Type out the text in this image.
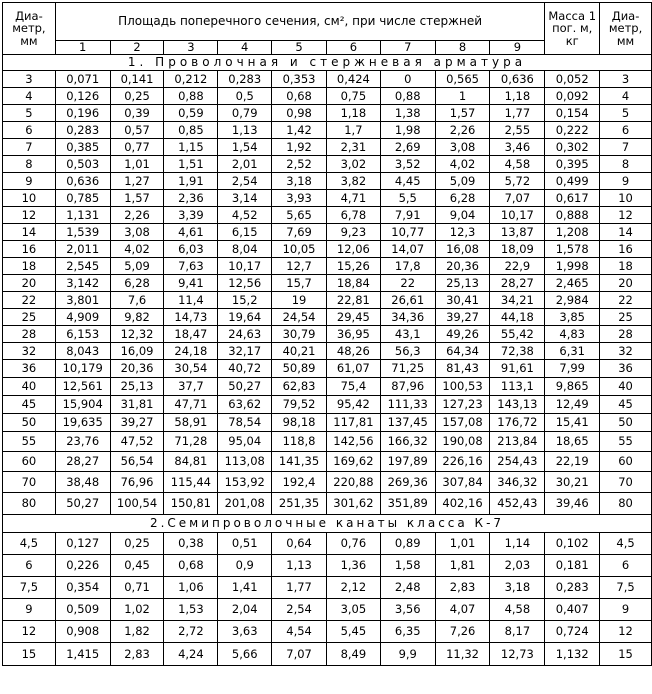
Диа-метр, мм	Площадь поперечного сечения, см², при числе стержней									Масса 1 пог. м, кг	Диа-метр, мм
	1	2	3	4	5	6	7	8	9		
1. Проволочная и стержневая арматура											
3	0,071	0,141	0,212	0,283	0,353	0,424	0	0,565	0,636	0,052	3
4	0,126	0,25	0,88	0,5	0,68	0,75	0,88	1	1,18	0,092	4
5	0,196	0,39	0,59	0,79	0,98	1,18	1,38	1,57	1,77	0,154	5
6	0,283	0,57	0,85	1,13	1,42	1,7	1,98	2,26	2,55	0,222	6
7	0,385	0,77	1,15	1,54	1,92	2,31	2,69	3,08	3,46	0,302	7
8	0,503	1,01	1,51	2,01	2,52	3,02	3,52	4,02	4,58	0,395	8
9	0,636	1,27	1,91	2,54	3,18	3,82	4,45	5,09	5,72	0,499	9
10	0,785	1,57	2,36	3,14	3,93	4,71	5,5	6,28	7,07	0,617	10
12	1,131	2,26	3,39	4,52	5,65	6,78	7,91	9,04	10,17	0,888	12
14	1,539	3,08	4,61	6,15	7,69	9,23	10,77	12,3	13,87	1,208	14
16	2,011	4,02	6,03	8,04	10,05	12,06	14,07	16,08	18,09	1,578	16
18	2,545	5,09	7,63	10,17	12,7	15,26	17,8	20,36	22,9	1,998	18
20	3,142	6,28	9,41	12,56	15,7	18,84	22	25,13	28,27	2,465	20
22	3,801	7,6	11,4	15,2	19	22,81	26,61	30,41	34,21	2,984	22
25	4,909	9,82	14,73	19,64	24,54	29,45	34,36	39,27	44,18	3,85	25
28	6,153	12,32	18,47	24,63	30,79	36,95	43,1	49,26	55,42	4,83	28
32	8,043	16,09	24,18	32,17	40,21	48,26	56,3	64,34	72,38	6,31	32
36	10,179	20,36	30,54	40,72	50,89	61,07	71,25	81,43	91,61	7,99	36
40	12,561	25,13	37,7	50,27	62,83	75,4	87,96	100,53	113,1	9,865	40
45	15,904	31,81	47,71	63,62	79,52	95,42	111,33	127,23	143,13	12,49	45
50	19,635	39,27	58,91	78,54	98,18	117,81	137,45	157,08	176,72	15,41	50
55	23,76	47,52	71,28	95,04	118,8	142,56	166,32	190,08	213,84	18,65	55
60	28,27	56,54	84,81	113,08	141,35	169,62	197,89	226,16	254,43	22,19	60
70	38,48	76,96	115,44	153,92	192,4	220,88	269,36	307,84	346,32	30,21	70
80	50,27	100,54	150,81	201,08	251,35	301,62	351,89	402,16	452,43	39,46	80
2.Семипроволочные канаты класса К-7											
4,5	0,127	0,25	0,38	0,51	0,64	0,76	0,89	1,01	1,14	0,102	4,5
6	0,226	0,45	0,68	0,9	1,13	1,36	1,58	1,81	2,03	0,181	6
7,5	0,354	0,71	1,06	1,41	1,77	2,12	2,48	2,83	3,18	0,283	7,5
9	0,509	1,02	1,53	2,04	2,54	3,05	3,56	4,07	4,58	0,407	9
12	0,908	1,82	2,72	3,63	4,54	5,45	6,35	7,26	8,17	0,724	12
15	1,415	2,83	4,24	5,66	7,07	8,49	9,9	11,32	12,73	1,132	15
